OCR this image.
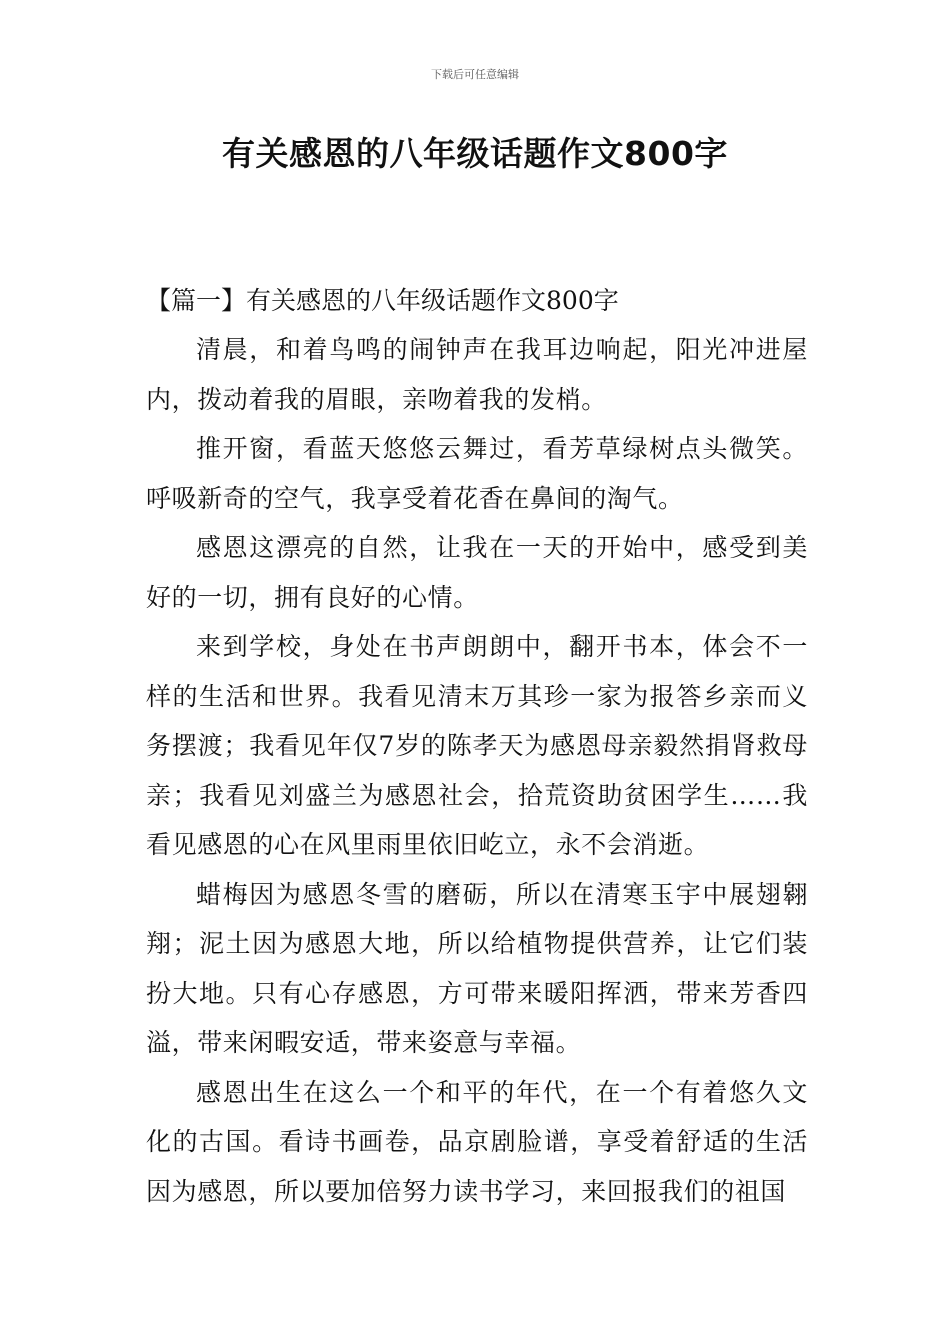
下载后可任意编辑
有关感恩的八年级话题作文800字

【篇一】有关感恩的八年级话题作文800字

清晨，和着鸟鸣的闹钟声在我耳边响起，阳光冲进屋内，拨动着我的眉眼，亲吻着我的发梢。

推开窗，看蓝天悠悠云舞过，看芳草绿树点头微笑。呼吸新奇的空气，我享受着花香在鼻间的淘气。

感恩这漂亮的自然，让我在一天的开始中，感受到美好的一切，拥有良好的心情。

来到学校，身处在书声朗朗中，翻开书本，体会不一样的生活和世界。我看见清末万其珍一家为报答乡亲而义务摆渡；我看见年仅7岁的陈孝天为感恩母亲毅然捐肾救母亲；我看见刘盛兰为感恩社会，拾荒资助贫困学生……我看见感恩的心在风里雨里依旧屹立，永不会消逝。

蜡梅因为感恩冬雪的磨砺，所以在清寒玉宇中展翅翱翔；泥土因为感恩大地，所以给植物提供营养，让它们装扮大地。只有心存感恩，方可带来暖阳挥洒，带来芳香四溢，带来闲暇安适，带来姿意与幸福。

感恩出生在这么一个和平的年代，在一个有着悠久文化的古国。看诗书画卷，品京剧脸谱，享受着舒适的生活因为感恩，所以要加倍努力读书学习，来回报我们的祖国
